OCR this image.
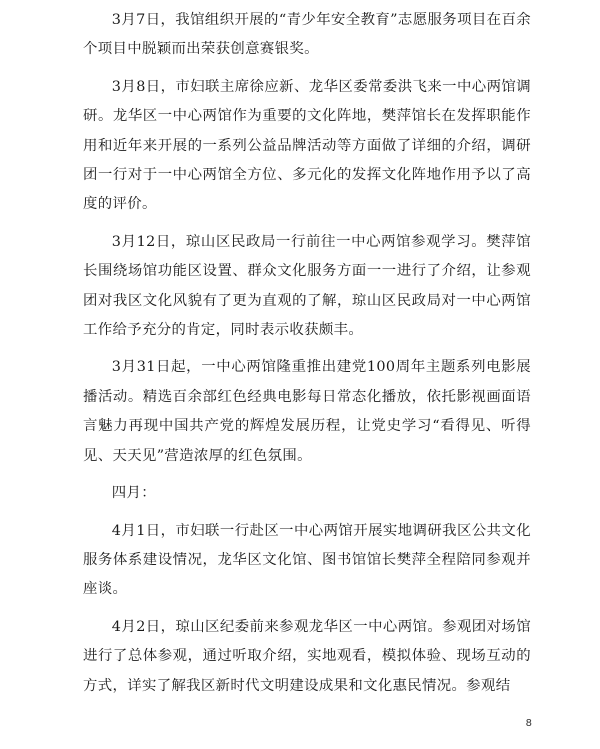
3月7日，我馆组织开展的“青少年安全教育”志愿服务项目在百余个项目中脱颖而出荣获创意赛银奖。

3月8日，市妇联主席徐应新、龙华区委常委洪飞来一中心两馆调研。龙华区一中心两馆作为重要的文化阵地，樊萍馆长在发挥职能作用和近年来开展的一系列公益品牌活动等方面做了详细的介绍，调研团一行对于一中心两馆全方位、多元化的发挥文化阵地作用予以了高度的评价。

3月12日，琼山区民政局一行前往一中心两馆参观学习。樊萍馆长围绕场馆功能区设置、群众文化服务方面一一进行了介绍，让参观团对我区文化风貌有了更为直观的了解，琼山区民政局对一中心两馆工作给予充分的肯定，同时表示收获颇丰。

3月31日起，一中心两馆隆重推出建党100周年主题系列电影展播活动。精选百余部红色经典电影每日常态化播放，依托影视画面语言魅力再现中国共产党的辉煌发展历程，让党史学习“看得见、听得见、天天见”营造浓厚的红色氛围。

四月：

4月1日，市妇联一行赴区一中心两馆开展实地调研我区公共文化服务体系建设情况，龙华区文化馆、图书馆馆长樊萍全程陪同参观并座谈。

4月2日，琼山区纪委前来参观龙华区一中心两馆。参观团对场馆进行了总体参观，通过听取介绍，实地观看，模拟体验、现场互动的方式，详实了解我区新时代文明建设成果和文化惠民情况。参观结

8
